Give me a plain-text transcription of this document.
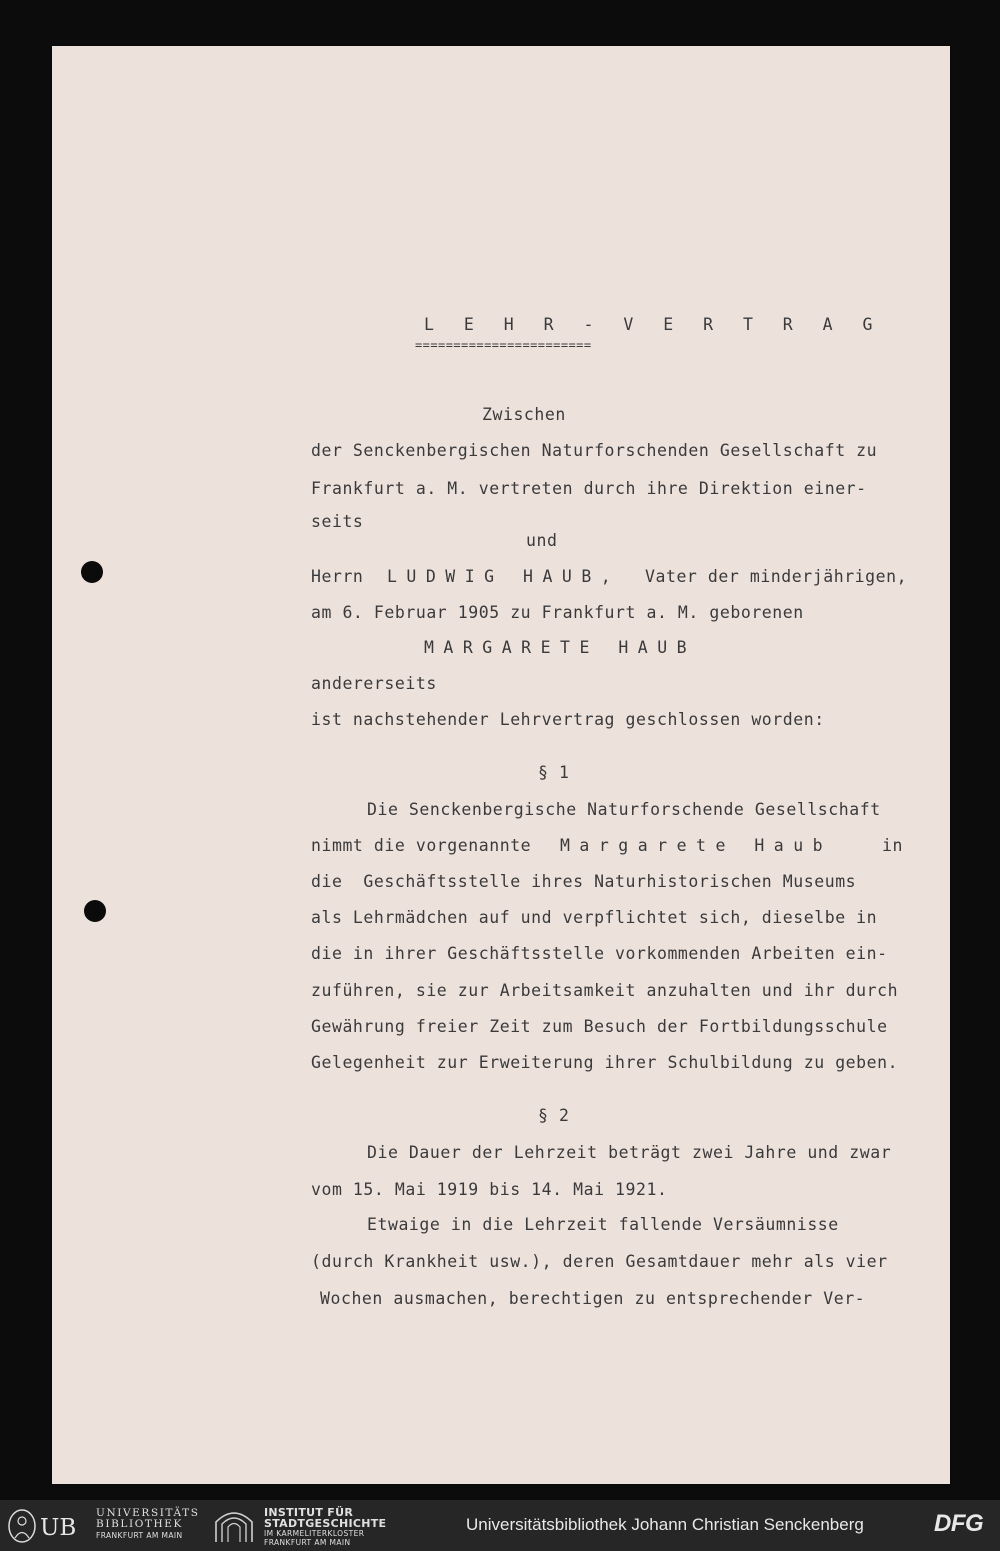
L E H R - V E R T R A G

=======================

Zwischen

der Senckenbergischen Naturforschenden Gesellschaft zu

Frankfurt a. M. vertreten durch ihre Direktion einer-

seits

und

Herrn LUDWIG HAUB, Vater der minderjährigen,

am 6. Februar 1905 zu Frankfurt a. M. geborenen

MARGARETE HAUB

andererseits

ist nachstehender Lehrvertrag geschlossen worden:

§ 1

Die Senckenbergische Naturforschende Gesellschaft

nimmt die vorgenannte Margarete Haub	in

die  Geschäftsstelle ihres Naturhistorischen Museums

als Lehrmädchen auf und verpflichtet sich, dieselbe in

die in ihrer Geschäftsstelle vorkommenden Arbeiten ein-

zuführen, sie zur Arbeitsamkeit anzuhalten und ihr durch

Gewährung freier Zeit zum Besuch der Fortbildungsschule

Gelegenheit zur Erweiterung ihrer Schulbildung zu geben.

§ 2

Die Dauer der Lehrzeit beträgt zwei Jahre und zwar

vom 15. Mai 1919 bis 14. Mai 1921.

Etwaige in die Lehrzeit fallende Versäumnisse

(durch Krankheit usw.), deren Gesamtdauer mehr als vier

Wochen ausmachen, berechtigen zu entsprechender Ver-

UB
UNIVERSITÄTS
BIBLIOTHEK
FRANKFURT AM MAIN
INSTITUT FÜR
STADTGESCHICHTE
IM KARMELITERKLOSTER
FRANKFURT AM MAIN
Universitätsbibliothek Johann Christian Senckenberg	DFG
